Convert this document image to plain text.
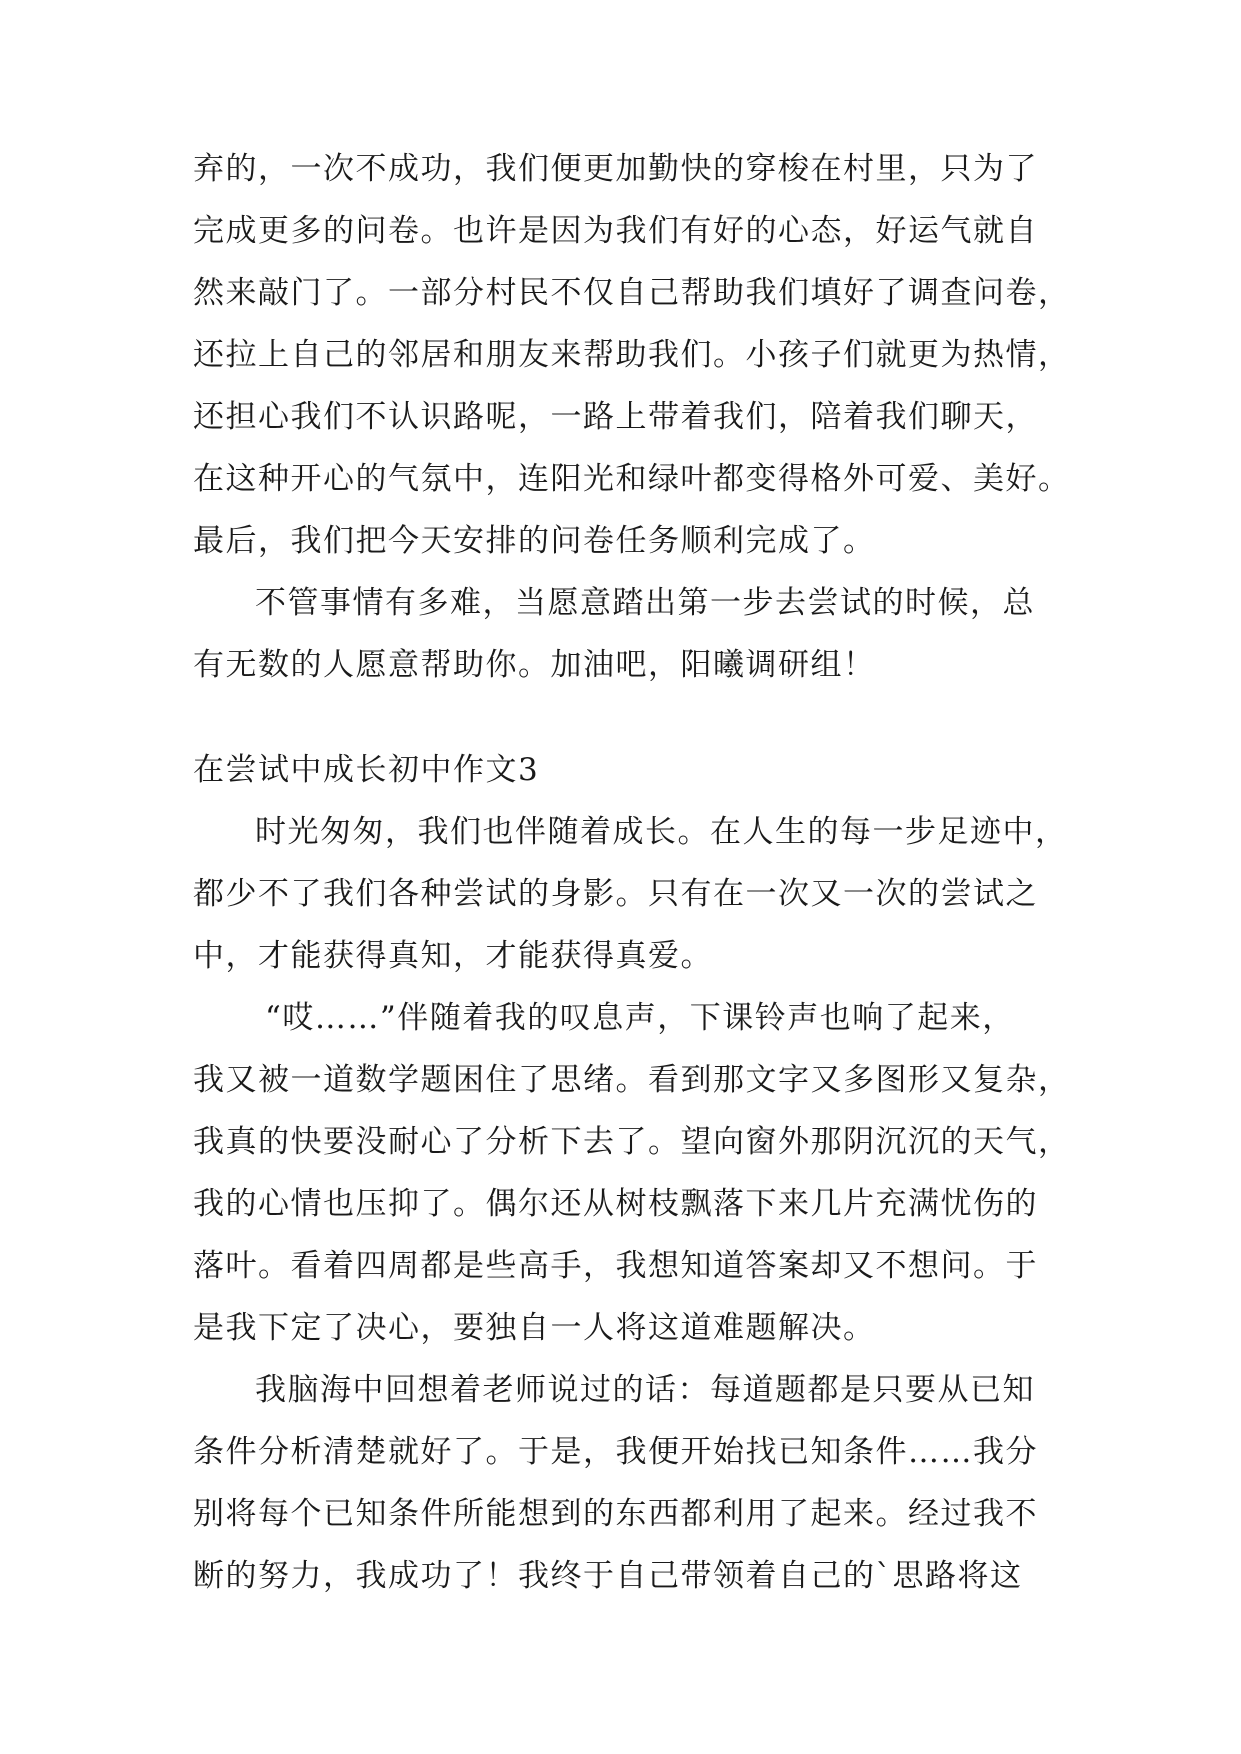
弃的，一次不成功，我们便更加勤快的穿梭在村里，只为了
完成更多的问卷。也许是因为我们有好的心态，好运气就自
然来敲门了。一部分村民不仅自己帮助我们填好了调查问卷，
还拉上自己的邻居和朋友来帮助我们。小孩子们就更为热情，
还担心我们不认识路呢，一路上带着我们，陪着我们聊天，
在这种开心的气氛中，连阳光和绿叶都变得格外可爱、美好。
最后，我们把今天安排的问卷任务顺利完成了。
不管事情有多难，当愿意踏出第一步去尝试的时候，总
有无数的人愿意帮助你。加油吧，阳曦调研组！
在尝试中成长初中作文3
时光匆匆，我们也伴随着成长。在人生的每一步足迹中，
都少不了我们各种尝试的身影。只有在一次又一次的尝试之
中，才能获得真知，才能获得真爱。
“哎……”伴随着我的叹息声，下课铃声也响了起来，
我又被一道数学题困住了思绪。看到那文字又多图形又复杂，
我真的快要没耐心了分析下去了。望向窗外那阴沉沉的天气，
我的心情也压抑了。偶尔还从树枝飘落下来几片充满忧伤的
落叶。看着四周都是些高手，我想知道答案却又不想问。于
是我下定了决心，要独自一人将这道难题解决。
我脑海中回想着老师说过的话：每道题都是只要从已知
条件分析清楚就好了。于是，我便开始找已知条件……我分
别将每个已知条件所能想到的东西都利用了起来。经过我不
断的努力，我成功了！我终于自己带领着自己的`思路将这
